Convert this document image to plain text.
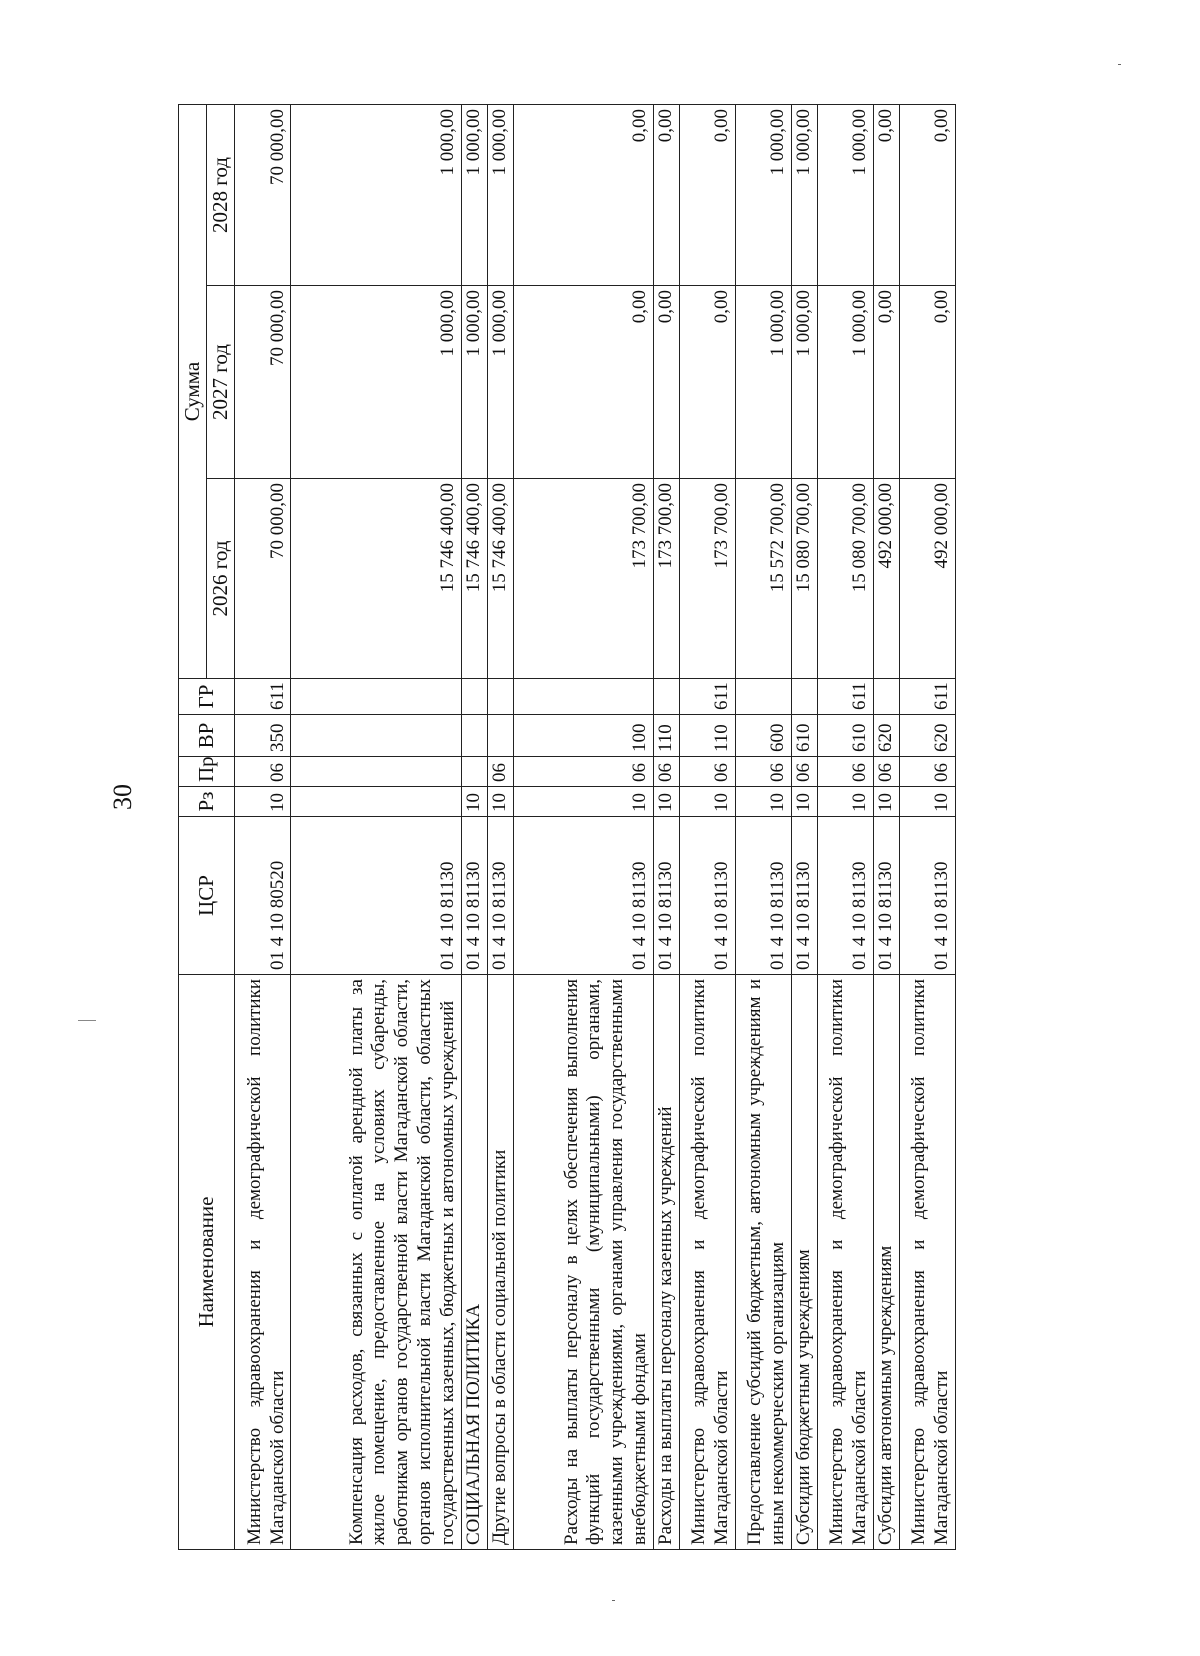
30
Наименование	ЦСР	Рз	Пр	ВР	ГР	Сумма		
						2026 год	2027 год	2028 год
Министерство здравоохранения и демографической политики Магаданской области	01 4 10 80520	10	06	350	611	70 000,00	70 000,00	70 000,00
Компенсация расходов, связанных с оплатой арендной платы за жилое помещение, предоставленное на условиях субаренды, работникам органов государственной власти Магаданской области, органов исполнительной власти Магаданской области, областных государственных казенных, бюджетных и автономных учреждений	01 4 10 81130					15 746 400,00	1 000,00	1 000,00
СОЦИАЛЬНАЯ ПОЛИТИКА	01 4 10 81130	10				15 746 400,00	1 000,00	1 000,00
Другие вопросы в области социальной политики	01 4 10 81130	10	06			15 746 400,00	1 000,00	1 000,00
Расходы на выплаты персоналу в целях обеспечения выполнения функций государственными (муниципальными) органами, казенными учреждениями, органами управления государственными внебюджетными фондами	01 4 10 81130	10	06	100		173 700,00	0,00	0,00
Расходы на выплаты персоналу казенных учреждений	01 4 10 81130	10	06	110		173 700,00	0,00	0,00
Министерство здравоохранения и демографической политики Магаданской области	01 4 10 81130	10	06	110	611	173 700,00	0,00	0,00
Предоставление субсидий бюджетным, автономным учреждениям и иным некоммерческим организациям	01 4 10 81130	10	06	600		15 572 700,00	1 000,00	1 000,00
Субсидии бюджетным учреждениям	01 4 10 81130	10	06	610		15 080 700,00	1 000,00	1 000,00
Министерство здравоохранения и демографической политики Магаданской области	01 4 10 81130	10	06	610	611	15 080 700,00	1 000,00	1 000,00
Субсидии автономным учреждениям	01 4 10 81130	10	06	620		492 000,00	0,00	0,00
Министерство здравоохранения и демографической политики Магаданской области	01 4 10 81130	10	06	620	611	492 000,00	0,00	0,00
